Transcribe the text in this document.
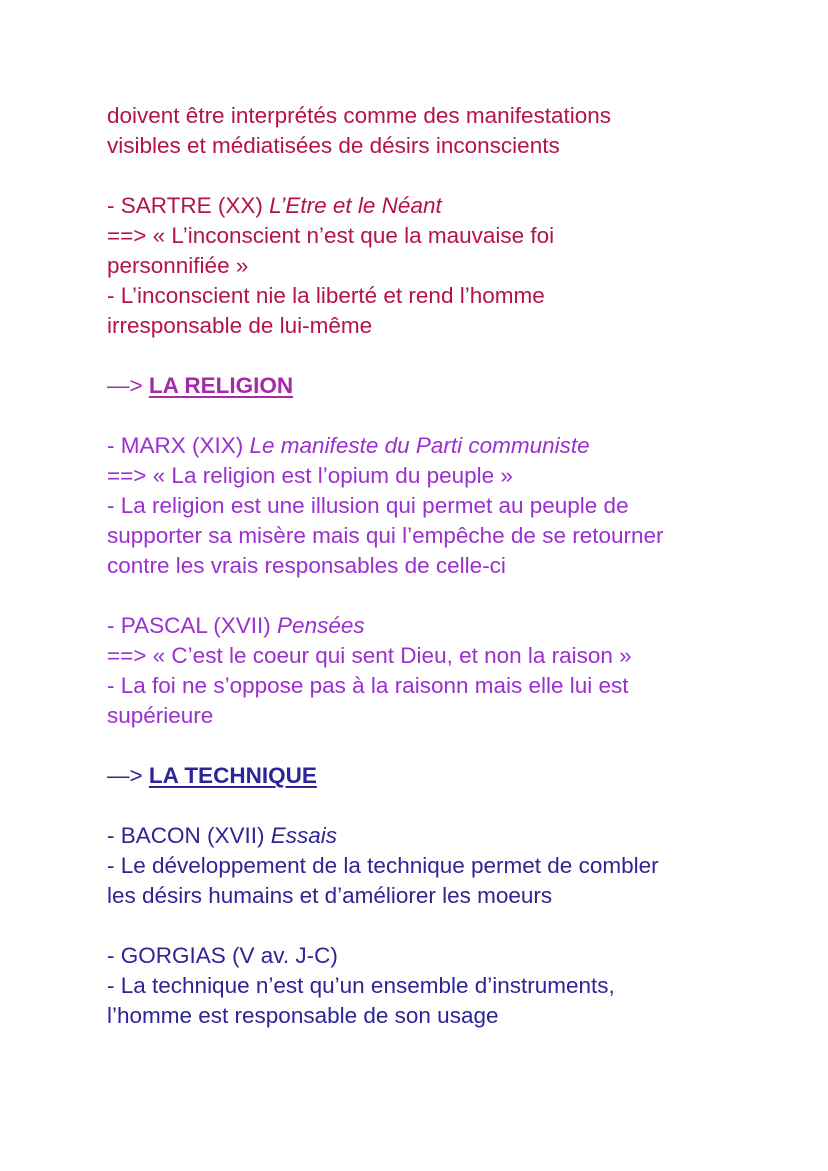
doivent être interprétés comme des manifestations
visibles et médiatisées de désirs inconscients
- SARTRE (XX) L’Etre et le Néant
==> « L’inconscient n’est que la mauvaise foi
personnifiée »
- L’inconscient nie la liberté et rend l’homme
irresponsable de lui-même
—> LA RELIGION
- MARX (XIX) Le manifeste du Parti communiste
==> « La religion est l’opium du peuple »
- La religion est une illusion qui permet au peuple de
supporter sa misère mais qui l’empêche de se retourner
contre les vrais responsables de celle-ci
- PASCAL (XVII) Pensées
==> « C’est le coeur qui sent Dieu, et non la raison »
- La foi ne s’oppose pas à la raisonn mais elle lui est
supérieure
—> LA TECHNIQUE
- BACON (XVII) Essais
- Le développement de la technique permet de combler
les désirs humains et d’améliorer les moeurs
- GORGIAS (V av. J-C)
- La technique n’est qu’un ensemble d’instruments,
l’homme est responsable de son usage
